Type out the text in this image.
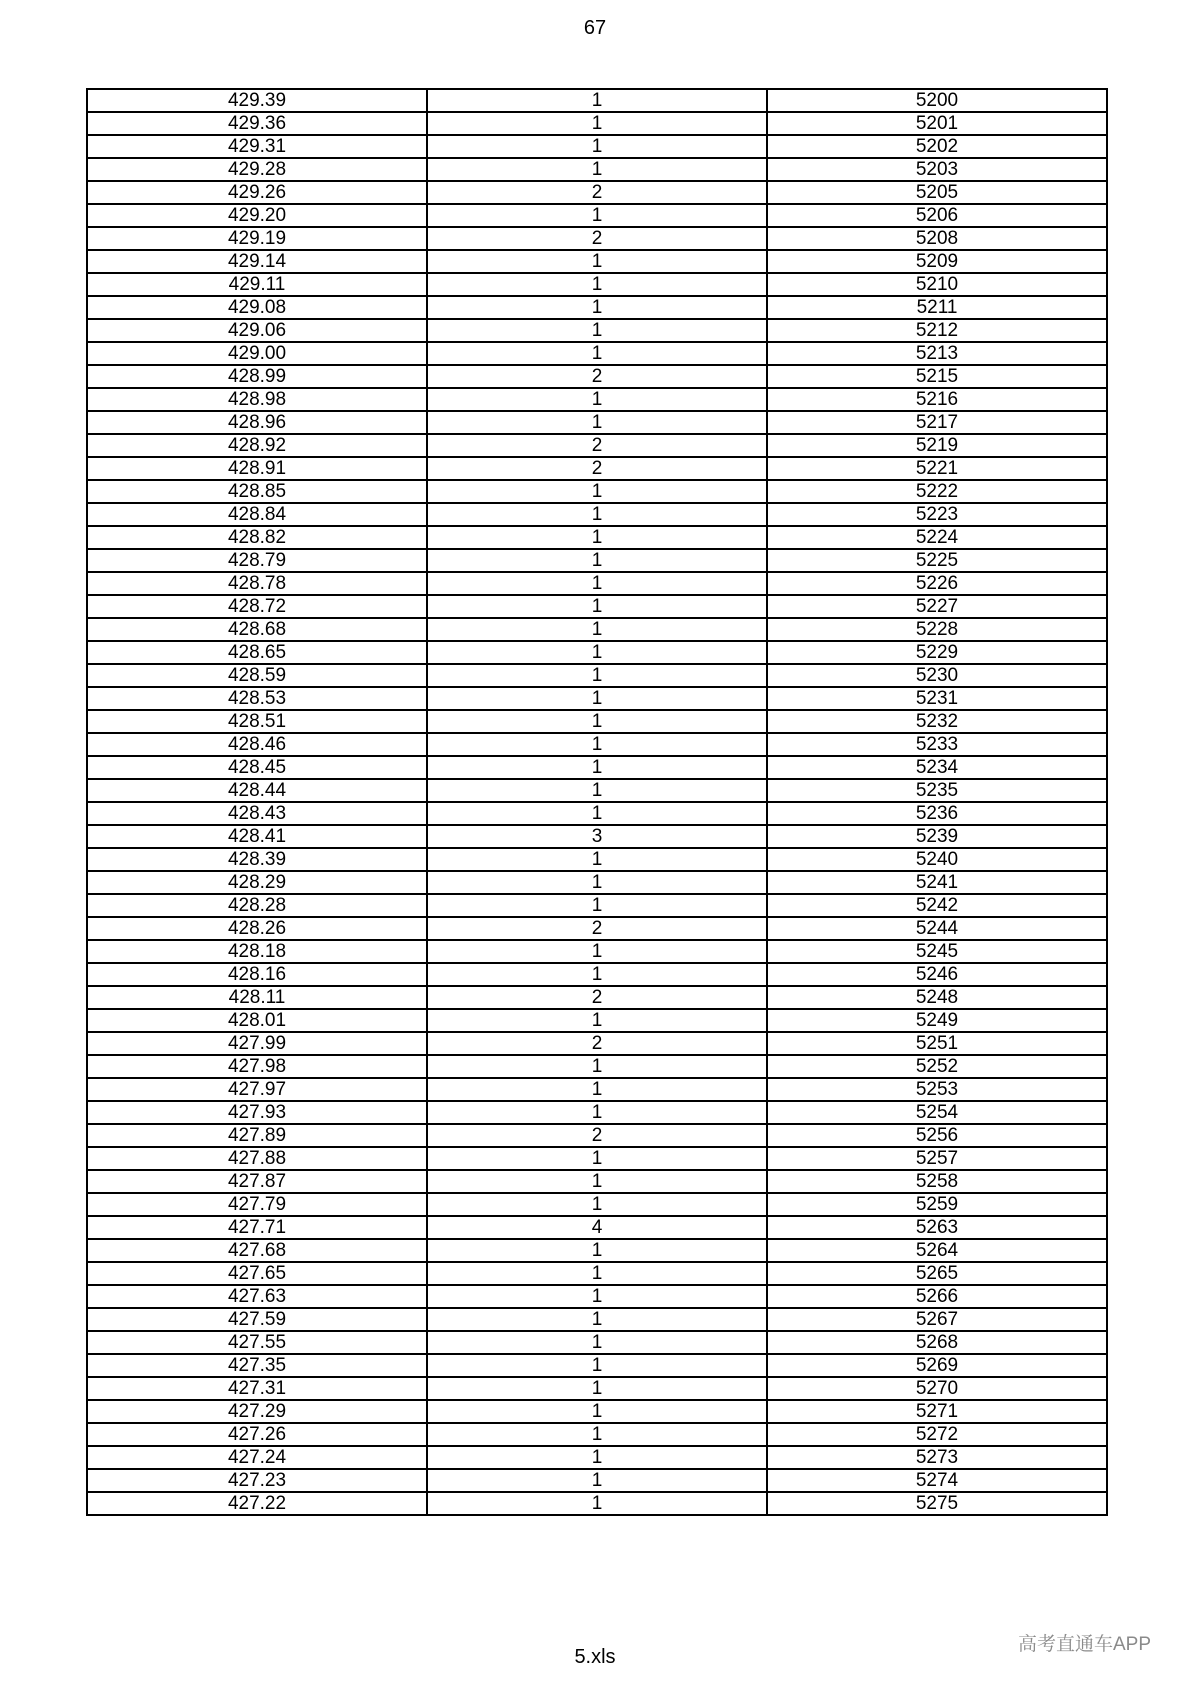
67
429.39	1	5200
429.36	1	5201
429.31	1	5202
429.28	1	5203
429.26	2	5205
429.20	1	5206
429.19	2	5208
429.14	1	5209
429.11	1	5210
429.08	1	5211
429.06	1	5212
429.00	1	5213
428.99	2	5215
428.98	1	5216
428.96	1	5217
428.92	2	5219
428.91	2	5221
428.85	1	5222
428.84	1	5223
428.82	1	5224
428.79	1	5225
428.78	1	5226
428.72	1	5227
428.68	1	5228
428.65	1	5229
428.59	1	5230
428.53	1	5231
428.51	1	5232
428.46	1	5233
428.45	1	5234
428.44	1	5235
428.43	1	5236
428.41	3	5239
428.39	1	5240
428.29	1	5241
428.28	1	5242
428.26	2	5244
428.18	1	5245
428.16	1	5246
428.11	2	5248
428.01	1	5249
427.99	2	5251
427.98	1	5252
427.97	1	5253
427.93	1	5254
427.89	2	5256
427.88	1	5257
427.87	1	5258
427.79	1	5259
427.71	4	5263
427.68	1	5264
427.65	1	5265
427.63	1	5266
427.59	1	5267
427.55	1	5268
427.35	1	5269
427.31	1	5270
427.29	1	5271
427.26	1	5272
427.24	1	5273
427.23	1	5274
427.22	1	5275
5.xls
高考直通车APP
